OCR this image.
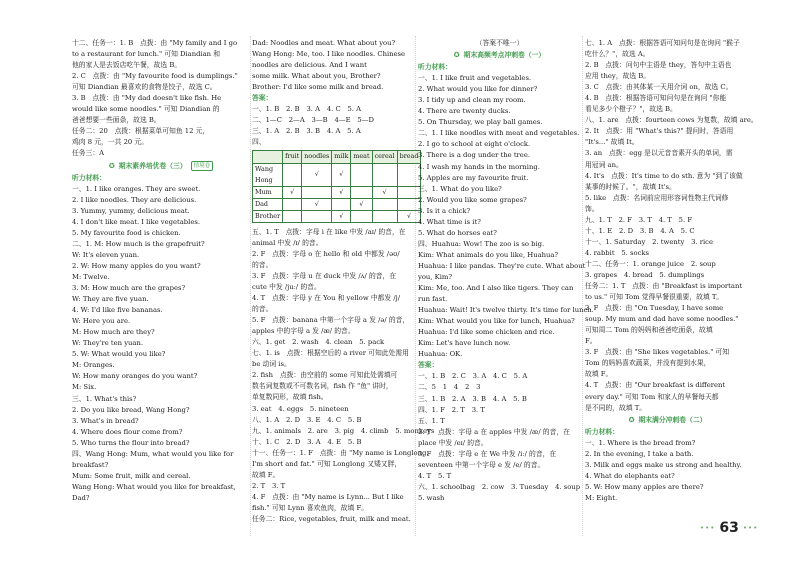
十二、任务一：1. B　点拨：由 "My family and I go
to a restaurant for lunch." 可知 Diandian 和
他的家人是去饭店吃午餐，故选 B。
2. C　点拨：由 "My favourite food is dumplings."
可知 Diandian 最喜欢的食物是饺子，故选 C。
3. B　点拨：由 "My dad doesn't like fish. He
would like some noodles." 可知 Diandian 的
爸爸想要一些面条，故选 B。
任务二：20　点拨：根据菜单可知鱼 12 元，
鸡肉 8 元，一共 20 元。
任务三：A
✪ 期末素养培优卷（三）	情境卷
听力材料：
一、1. I like oranges. They are sweet.
2. I like noodles. They are delicious.
3. Yummy, yummy, delicious meat.
4. I don't like meat. I like vegetables.
5. My favourite food is chicken.
二、1. M: How much is the grapefruit?
W: It's eleven yuan.
2. W: How many apples do you want?
M: Twelve.
3. M: How much are the grapes?
W: They are five yuan.
4. W: I'd like five bananas.
W: Here you are.
M: How much are they?
W: They're ten yuan.
5. W: What would you like?
M: Oranges.
W: How many oranges do you want?
M: Six.
三、1. What's this?
2. Do you like bread, Wang Hong?
3. What's in bread?
4. Where does flour come from?
5. Who turns the flour into bread?
四、Wang Hong: Mum, what would you like for
breakfast?
Mum: Some fruit, milk and cereal.
Wang Hong: What would you like for breakfast,
Dad?
Dad: Noodles and meat. What about you?
Wang Hong: Me, too. I like noodles. Chinese
noodles are delicious. And I want
some milk. What about you, Brother?
Brother: I'd like some milk and bread.
答案：
一、1. B　2. B　3. A　4. C　5. A
二、1—C　2—A　3—B　4—E　5—D
三、1. A　2. B　3. B　4. A　5. A
四、
	fruit	noodles	milk	meat	cereal	bread
Wang Hong		√	√			
Mum	√		√		√	
Dad		√		√		
Brother			√			√
五、1. T　点拨：字母 i 在 like 中发 /aɪ/ 的音，在
animal 中发 /ɪ/ 的音。
2. F　点拨：字母 o 在 hello 和 old 中都发 /əʊ/
的音。
3. F　点拨：字母 u 在 duck 中发 /ʌ/ 的音，在
cute 中发 /juː/ 的音。
4. T　点拨：字母 y 在 You 和 yellow 中都发 /j/
的音。
5. F　点拨：banana 中第一个字母 a 发 /ə/ 的音，
apples 中的字母 a 发 /æ/ 的音。
六、1. get　2. wash　4. clean　5. pack
七、1. is　点拨：根据空后的 a river 可知此处需用
be 动词 is。
2. fish　点拨：由空前的 some 可知此处需填可
数名词复数或不可数名词，fish 作 "鱼" 讲时，
单复数同形，故填 fish。
3. eat　4. eggs　5. nineteen
八、1. A　2. D　3. E　4. C　5. B
九、1. animals　2. are　3. pig　4. climb　5. monkeys
十、1. C　2. D　3. A　4. E　5. B
十一、任务一：1. F　点拨：由 "My name is Longlong.
I'm short and fat." 可知 Longlong 又矮又胖，
故填 F。
2. T　3. T
4. F　点拨：由 "My name is Lynn... But I like
fish." 可知 Lynn 喜欢鱼肉，故填 F。
任务二：Rice, vegetables, fruit, milk and meat.
（答案不唯一）
✪ 期末高频考点冲刺卷（一）
听力材料：
一、1. I like fruit and vegetables.
2. What would you like for dinner?
3. I tidy up and clean my room.
4. There are twenty ducks.
5. On Thursday, we play ball games.
二、1. I like noodles with meat and vegetables.
2. I go to school at eight o'clock.
3. There is a dog under the tree.
4. I wash my hands in the morning.
5. Apples are my favourite fruit.
三、1. What do you like?
2. Would you like some grapes?
3. Is it a chick?
4. What time is it?
5. What do horses eat?
四、Huahua: Wow! The zoo is so big.
Kim: What animals do you like, Huahua?
Huahua: I like pandas. They're cute. What about
you, Kim?
Kim: Me, too. And I also like tigers. They can
run fast.
Huahua: Wait! It's twelve thirty. It's time for lunch.
Kim: What would you like for lunch, Huahua?
Huahua: I'd like some chicken and rice.
Kim: Let's have lunch now.
Huahua: OK.
答案：
一、1. B　2. C　3. A　4. C　5. A
二、5　1　4　2　3
三、1. B　2. A　3. B　4. A　5. B
四、1. F　2. T　3. T
五、1. T
2. T　点拨：字母 a 在 apples 中发 /æ/ 的音，在
place 中发 /eɪ/ 的音。
3. F　点拨：字母 e 在 We 中发 /iː/ 的音，在
seventeen 中第一个字母 e 发 /e/ 的音。
4. T　5. T
六、1. schoolbag　2. cow　3. Tuesday　4. soup
5. wash
七、1. A　点拨：根据答语可知问句是在询问 "猴子
吃什么？"，故选 A。
2. B　点拨：问句中主语是 they，答句中主语也
应用 they，故选 B。
3. C　点拨：由其体某一天用介词 on，故选 C。
4. B　点拨：根据答语可知问句是在询问 "你能
看见多少个橙子？"，故选 B。
八、1. are　点拨：fourteen cows 为复数，故填 are。
2. It　点拨：用 "What's this?" 提问时，答语用
"It's..." 故填 It。
3. an　点拨：egg 是以元音音素开头的单词，需
用冠词 an。
4. It's　点拨：It's time to do sth. 意为 "到了该做
某事的时候了。"，故填 It's。
5. like　点拨：名词前应用形容词性物主代词修
饰。
九、1. T　2. F　3. T　4. T　5. F
十、1. E　2. D　3. B　4. A　5. C
十一、1. Saturday　2. twenty　3. rice
4. rabbit　5. socks
十二、任务一：1. orange juice　2. soup
3. grapes　4. bread　5. dumplings
任务二：1. T　点拨：由 "Breakfast is important
to us." 可知 Tom 觉得早餐很重要，故填 T。
2. F　点拨：由 "On Tuesday, I have some
soup. My mum and dad have some noodles."
可知周二 Tom 的妈妈和爸爸吃面条，故填
F。
3. F　点拨：由 "She likes vegetables." 可知
Tom 的妈妈喜欢蔬菜，并没有提到水果，
故填 F。
4. T　点拨：由 "Our breakfast is different
every day." 可知 Tom 和家人的早餐每天都
是不同的，故填 T。
✪ 期末满分冲刺卷（二）
听力材料：
一、1. Where is the bread from?
2. In the evening, I take a bath.
3. Milk and eggs make us strong and healthy.
4. What do elephants eat?
5. W: How many apples are there?
M: Eight.
••• 63 •••
